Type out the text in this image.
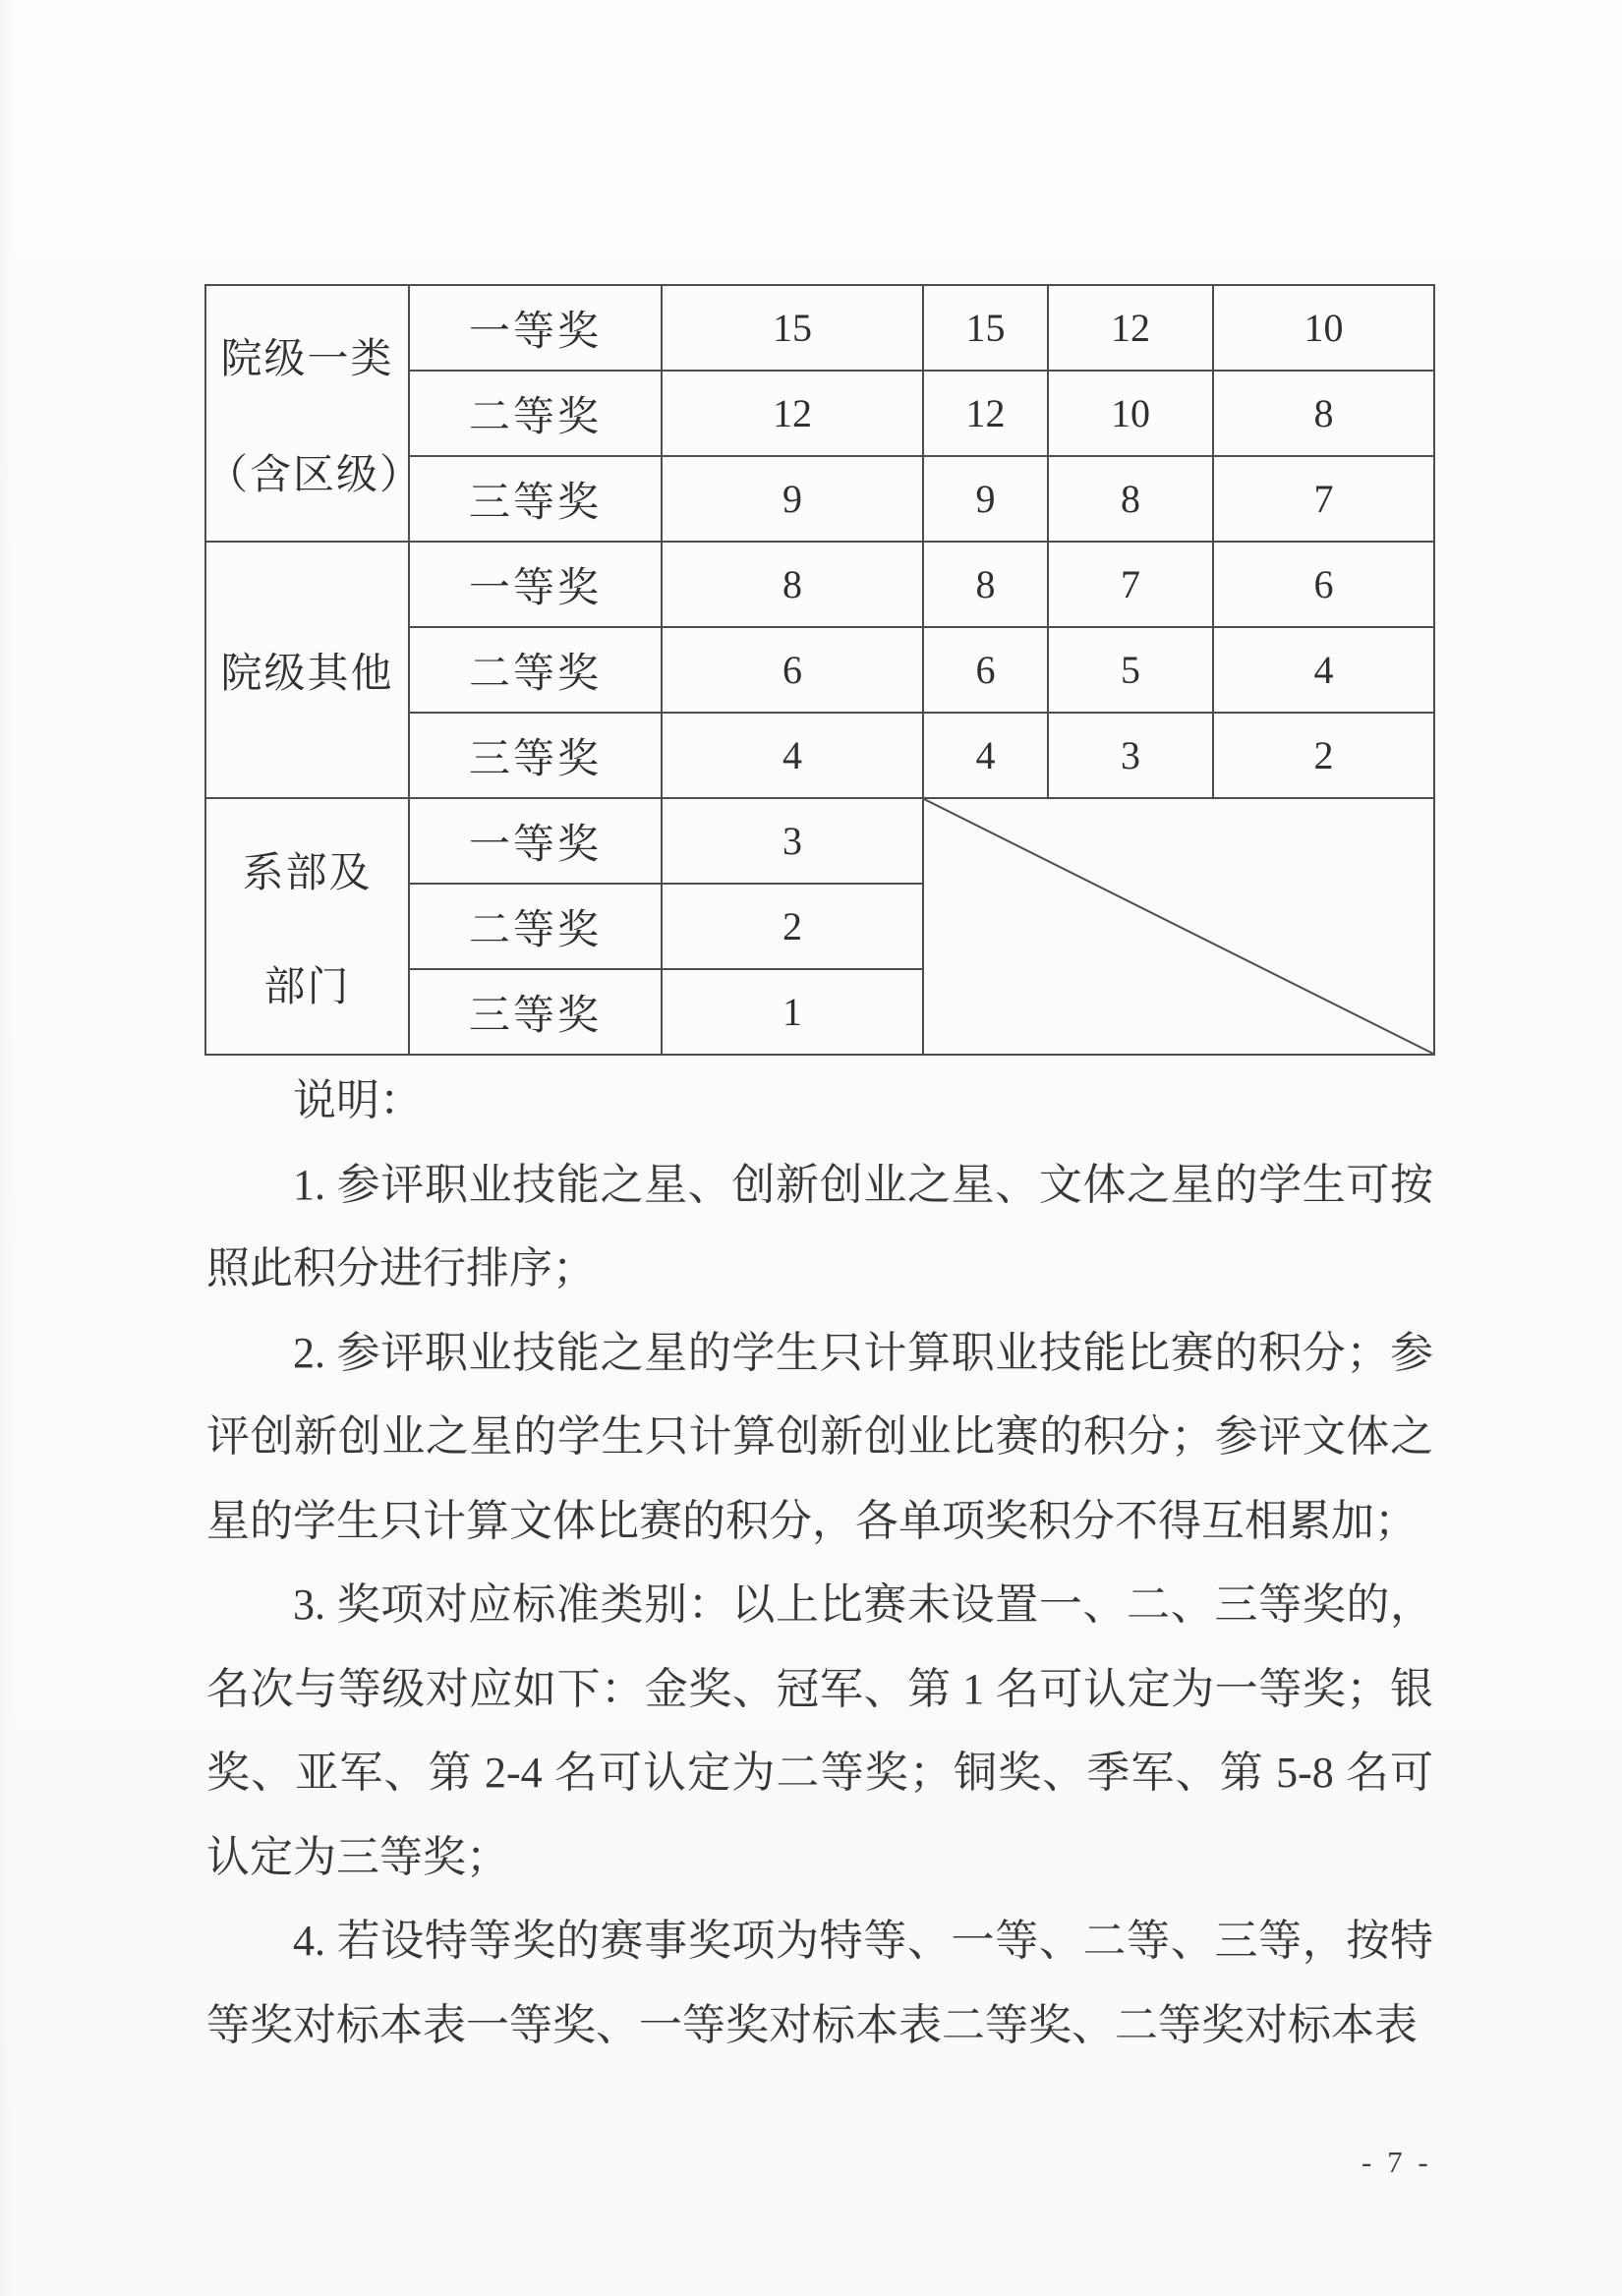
院级一类
（含区级）	一等奖	15	15	12	10
	二等奖	12	12	10	8
	三等奖	9	9	8	7

院级其他	一等奖	8	8	7	6
	二等奖	6	6	5	4
	三等奖	4	4	3	2

系部及
部门	一等奖	3	

	二等奖	2			
	三等奖	1			

说明：

1. 参评职业技能之星、创新创业之星、文体之星的学生可按照此积分进行排序；

2. 参评职业技能之星的学生只计算职业技能比赛的积分；参评创新创业之星的学生只计算创新创业比赛的积分；参评文体之星的学生只计算文体比赛的积分，各单项奖积分不得互相累加；

3. 奖项对应标准类别：以上比赛未设置一、二、三等奖的，名次与等级对应如下：金奖、冠军、第 1 名可认定为一等奖；银奖、亚军、第 2-4 名可认定为二等奖；铜奖、季军、第 5-8 名可认定为三等奖；

4. 若设特等奖的赛事奖项为特等、一等、二等、三等，按特等奖对标本表一等奖、一等奖对标本表二等奖、二等奖对标本表

- 7 -
